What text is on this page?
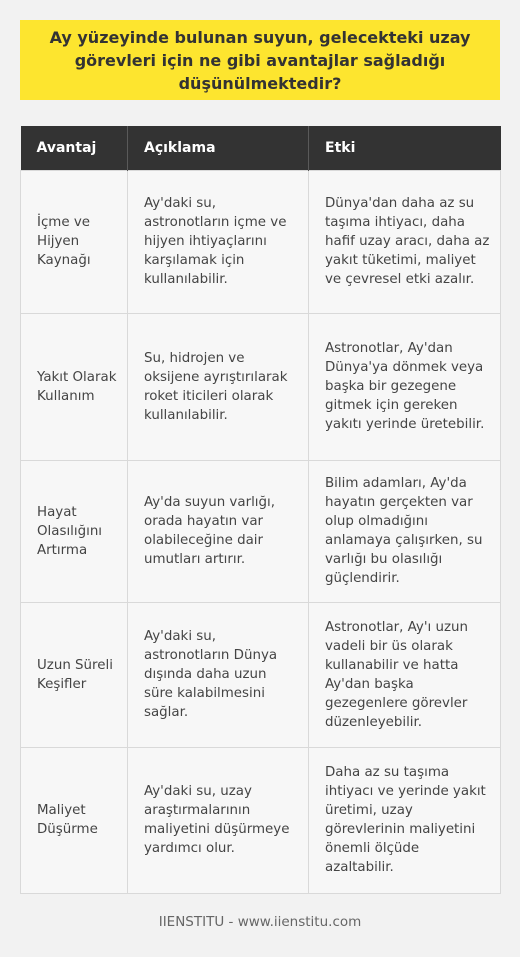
Ay yüzeyinde bulunan suyun, gelecekteki uzay görevleri için ne gibi avantajlar sağladığı düşünülmektedir?
Avantaj	Açıklama	Etki
İçme ve Hijyen Kaynağı	Ay'daki su, astronotların içme ve hijyen ihtiyaçlarını karşılamak için kullanılabilir.	Dünya'dan daha az su taşıma ihtiyacı, daha hafif uzay aracı, daha az yakıt tüketimi, maliyet ve çevresel etki azalır.
Yakıt Olarak Kullanım	Su, hidrojen ve oksijene ayrıştırılarak roket iticileri olarak kullanılabilir.	Astronotlar, Ay'dan Dünya'ya dönmek veya başka bir gezegene gitmek için gereken yakıtı yerinde üretebilir.
Hayat Olasılığını Artırma	Ay'da suyun varlığı, orada hayatın var olabileceğine dair umutları artırır.	Bilim adamları, Ay'da hayatın gerçekten var olup olmadığını anlamaya çalışırken, su varlığı bu olasılığı güçlendirir.
Uzun Süreli Keşifler	Ay'daki su, astronotların Dünya dışında daha uzun süre kalabilmesini sağlar.	Astronotlar, Ay'ı uzun vadeli bir üs olarak kullanabilir ve hatta Ay'dan başka gezegenlere görevler düzenleyebilir.
Maliyet Düşürme	Ay'daki su, uzay araştırmalarının maliyetini düşürmeye yardımcı olur.	Daha az su taşıma ihtiyacı ve yerinde yakıt üretimi, uzay görevlerinin maliyetini önemli ölçüde azaltabilir.
IIENSTITU - www.iienstitu.com
